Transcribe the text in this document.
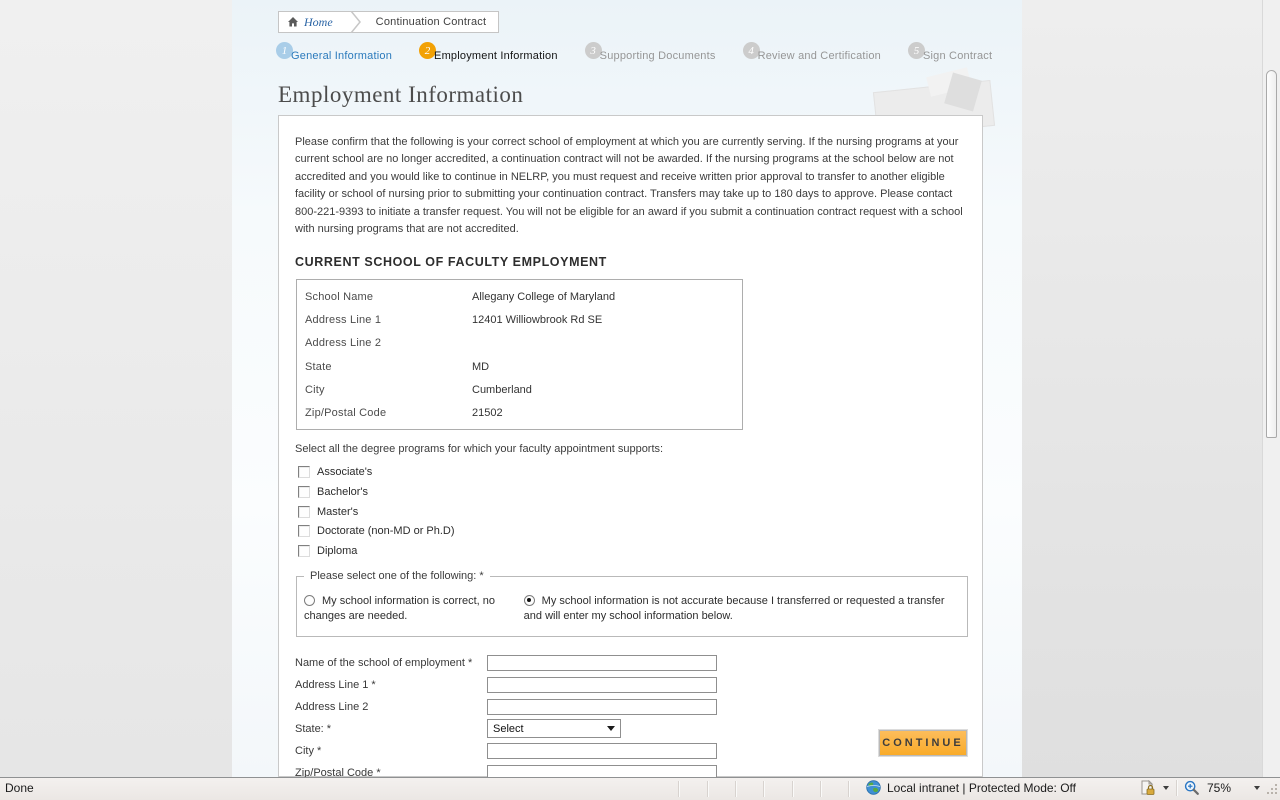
Home	Continuation Contract
1 General Information	2 Employment Information	3 Supporting Documents	4 Review and Certification	5 Sign Contract
Employment Information

Please confirm that the following is your correct school of employment at which you are currently serving. If the nursing programs at your current school are no longer accredited, a continuation contract will not be awarded. If the nursing programs at the school below are not accredited and you would like to continue in NELRP, you must request and receive written prior approval to transfer to another eligible facility or school of nursing prior to submitting your continuation contract. Transfers may take up to 180 days to approve. Please contact 800-221-9393 to initiate a transfer request. You will not be eligible for an award if you submit a continuation contract request with a school with nursing programs that are not accredited.

CURRENT SCHOOL OF FACULTY EMPLOYMENT
School Name	Allegany College of Maryland
Address Line 1	12401 Williowbrook Rd SE
Address Line 2
State	MD
City	Cumberland
Zip/Postal Code	21502
Select all the degree programs for which your faculty appointment supports:
Associate's
Bachelor's
Master's
Doctorate (non-MD or Ph.D)
Diploma
Please select one of the following: *
My school information is correct, no changes are needed.
My school information is not accurate because I transferred or requested a transfer and will enter my school information below.
Name of the school of employment *
Address Line 1 *
Address Line 2
State: *	Select
City *
Zip/Postal Code *
CONTINUE
Done	Local intranet | Protected Mode: Off	75%
